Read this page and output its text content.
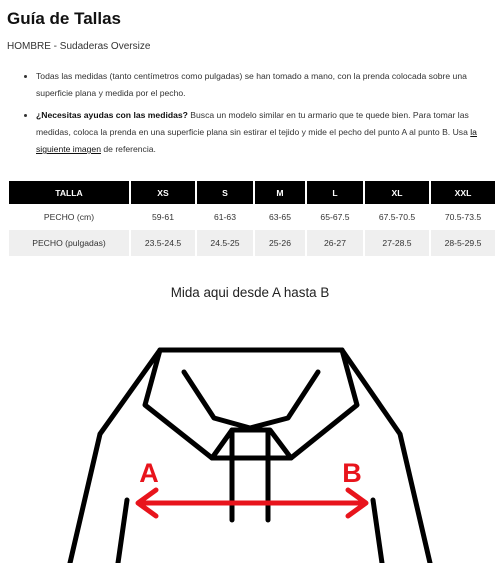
Guía de Tallas
HOMBRE - Sudaderas Oversize
• Todas las medidas (tanto centímetros como pulgadas) se han tomado a mano, con la prenda colocada sobre una superficie plana y medida por el pecho.
• ¿Necesitas ayudas con las medidas? Busca un modelo similar en tu armario que te quede bien. Para tomar las medidas, coloca la prenda en una superficie plana sin estirar el tejido y mide el pecho del punto A al punto B. Usa la siguiente imagen de referencia.
TALLA	XS	S	M	L	XL	XXL
PECHO (cm)	59-61	61-63	63-65	65-67.5	67.5-70.5	70.5-73.5
PECHO (pulgadas)	23.5-24.5	24.5-25	25-26	26-27	27-28.5	28-5-29.5
Mida aqui desde A hasta B
A	B
